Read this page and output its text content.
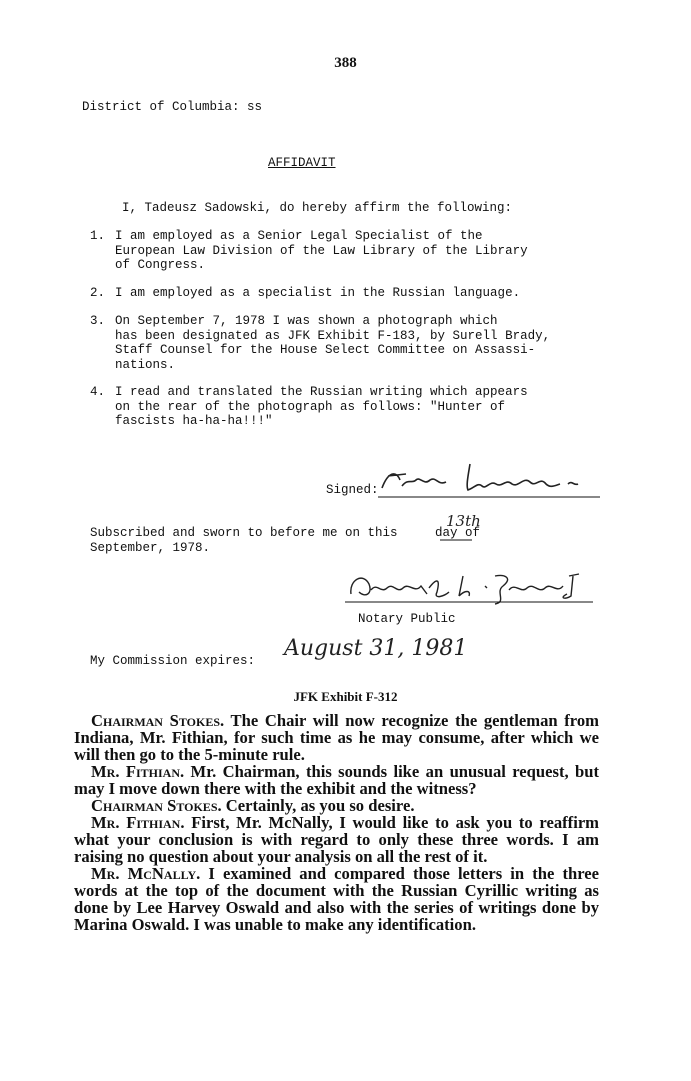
388
District of Columbia: ss
AFFIDAVIT
I, Tadeusz Sadowski, do hereby affirm the following:
1. I am employed as a Senior Legal Specialist of the
European Law Division of the Law Library of the Library
of Congress.
2. I am employed as a specialist in the Russian language.
3. On September 7, 1978 I was shown a photograph which
has been designated as JFK Exhibit F-183, by Surell Brady,
Staff Counsel for the House Select Committee on Assassi-
nations.
4. I read and translated the Russian writing which appears
on the rear of the photograph as follows: "Hunter of
fascists ha-ha-ha!!!"
Signed:
Subscribed and sworn to before me on this     day of
September, 1978.
13th
Notary Public
My Commission expires: August 31, 1981
JFK Exhibit F-312

Chairman Stokes. The Chair will now recognize the gentleman from Indiana, Mr. Fithian, for such time as he may consume, after which we will then go to the 5-minute rule.

Mr. Fithian. Mr. Chairman, this sounds like an unusual request, but may I move down there with the exhibit and the witness?

Chairman Stokes. Certainly, as you so desire.

Mr. Fithian. First, Mr. McNally, I would like to ask you to reaffirm what your conclusion is with regard to only these three words. I am raising no question about your analysis on all the rest of it.

Mr. McNally. I examined and compared those letters in the three words at the top of the document with the Russian Cyrillic writing as done by Lee Harvey Oswald and also with the series of writings done by Marina Oswald. I was unable to make any identification.
